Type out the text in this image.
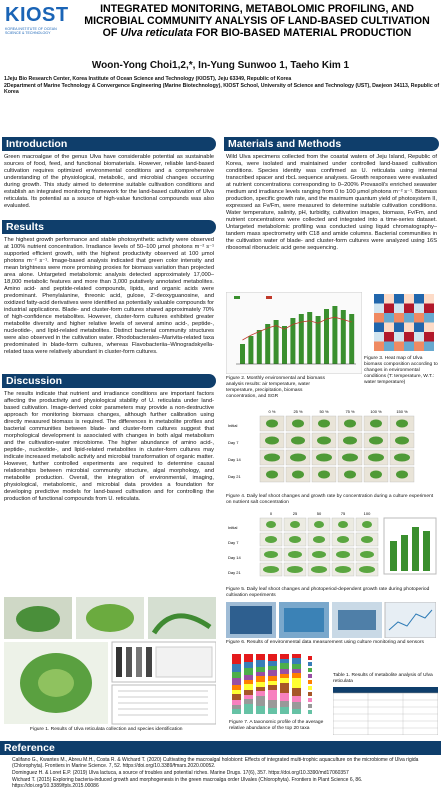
KIOST
KOREA INSTITUTE OF OCEAN SCIENCE & TECHNOLOGY
INTEGRATED MONITORING, METABOLOMIC PROFILING, AND
MICROBIAL COMMUNITY ANALYSIS OF LAND-BASED CULTIVATION
OF Ulva reticulata FOR BIO-BASED MATERIAL PRODUCTION
Woon-Yong Choi1,2,*, In-Yung Sunwoo 1, Taeho Kim 1
1Jeju Bio Research Center, Korea Institute of Ocean Science and Technology (KIOST), Jeju 63349, Republic of Korea
2Department of Marine Technology & Convergence Engineering (Marine Biotechnology), KIOST School, University of Science and Technology (UST), Daejeon 34113, Republic of Korea
Introduction
Green macroalgae of the genus Ulva have considerable potential as sustainable sources of food, feed, and functional biomaterials. However, reliable land-based cultivation requires optimized environmental conditions and a comprehensive understanding of the physiological, metabolic, and microbial changes occurring during growth. This study aimed to determine suitable cultivation conditions and establish an integrated monitoring framework for the land-based cultivation of Ulva reticulata. Its potential as a source of high-value functional compounds was also evaluated.
Results
The highest growth performance and stable photosynthetic activity were observed at 100% nutrient concentration. Irradiance levels of 50–100 μmol photons m⁻² s⁻¹ supported efficient growth, with the highest productivity observed at 100 μmol photons m⁻² s⁻¹. Image-based analysis indicated that green color intensity and mean brightness were more promising proxies for biomass variation than projected area alone. Untargeted metabolomic analysis detected approximately 17,000–18,000 metabolic features and more than 3,000 putatively annotated metabolites. Amino acid- and peptide-related compounds, lipids, and organic acids were predominant. Phenylalanine, threonic acid, gulose, 2'-deoxyguanosine, and oxidized fatty-acid derivatives were identified as potentially valuable compounds for industrial applications. Blade- and cluster-form cultures shared approximately 70% of high-confidence metabolites. However, cluster-form cultures exhibited greater metabolite diversity and higher relative levels of several amino acid-, peptide-, nucleotide-, and lipid-related metabolites. Distinct bacterial community structures were also observed in the cultivation water. Rhodobacterales–Marivita-related taxa predominated in blade-form cultures, whereas Flavobacteriia–Winogradskyella-related taxa were relatively abundant in cluster-form cultures.
Discussion
The results indicate that nutrient and irradiance conditions are important factors affecting the productivity and physiological stability of U. reticulata under land-based cultivation. Image-derived color parameters may provide a non-destructive approach for monitoring biomass changes, although further calibration using directly measured biomass is required. The differences in metabolite profiles and bacterial communities between blade- and cluster-form cultures suggest that morphological development is associated with changes in both algal metabolism and the cultivation-water microbiome. The higher abundance of amino acid-, peptide-, nucleotide-, and lipid-related metabolites in cluster-form cultures may indicate increased metabolic activity and microbial transformation of organic matter. However, further controlled experiments are required to determine causal relationships between microbial community structure, algal morphology, and metabolite production. Overall, the integration of environmental, imaging, physiological, metabolomic, and microbial data provides a foundation for developing predictive models for land-based cultivation and for controlling the production of functional compounds from U. reticulata.
Figure 1. Results of Ulva reticulata collection and species identification
Materials and Methods
Wild Ulva specimens collected from the coastal waters of Jeju Island, Republic of Korea, were isolated and maintained under controlled land-based cultivation conditions. Species identity was confirmed as U. reticulata using internal transcribed spacer and rbcL sequence analyses. Growth responses were evaluated at nutrient concentrations corresponding to 0–200% Provasoli's enriched seawater medium and irradiance levels ranging from 0 to 100 μmol photons m⁻² s⁻¹. Biomass production, specific growth rate, and the maximum quantum yield of photosystem II, expressed as Fv/Fm, were measured to determine suitable cultivation conditions. Water temperature, salinity, pH, turbidity, cultivation images, biomass, Fv/Fm, and nutrient concentrations were collected and integrated into a time-series dataset. Untargeted metabolomic profiling was conducted using liquid chromatography–tandem mass spectrometry with C18 and amide columns. Bacterial communities in the cultivation water of blade- and cluster-form cultures were analyzed using 16S ribosomal ribonucleic acid gene sequencing.
Figure 2. Monthly environmental and biomass analysis results: air temperature, water temperature, precipitation, biomass concentration, and SGR
Figure 3. Heat map of Ulva biomass composition according to changes in environmental conditions (T: temperature, W.T.: water temperature)
0 %	25 %	50 %	75 %	100 %	150 %
Initial
Day 7
Day 14
Day 21
Figure 4. Daily leaf shoot changes and growth rate by concentration during a culture experiment on nutrient salt concentration
0	25	50	75	100
Initial
Day 7
Day 14
Day 21
Figure 5. Daily leaf shoot changes and photoperiod-dependent growth rate during photoperiod cultivation experiments
Figure 6. Results of environmental data measurement using culture monitoring and sensors
Figure 7. A taxonomic profile of the average relative abundance of the top 20 taxa
Table 1. Results of metabolite analysis of Ulva reticulata
Reference
Califano G., Kwantes M., Abreu M.H., Costa R. & Wichard T. (2020) Cultivating the macroalgal holobiont: Effects of integrated multi-trophic aquaculture on the microbiome of Ulva rigida (Chlorophyta). Frontiers in Marine Science. 7, 52. https://doi.org/10.3389/fmars.2020.00052.
Dominguez H. & Loret E.P. (2019) Ulva lactuca, a source of troubles and potential riches. Marine Drugs. 17(6), 357. https://doi.org/10.3390/md17060357
Wichard T. (2015) Exploring bacteria-induced growth and morphogenesis in the green macroalga order Ulvales (Chlorophyta). Frontiers in Plant Science 6, 86. https://doi.org/10.3389/fpls.2015.00086
